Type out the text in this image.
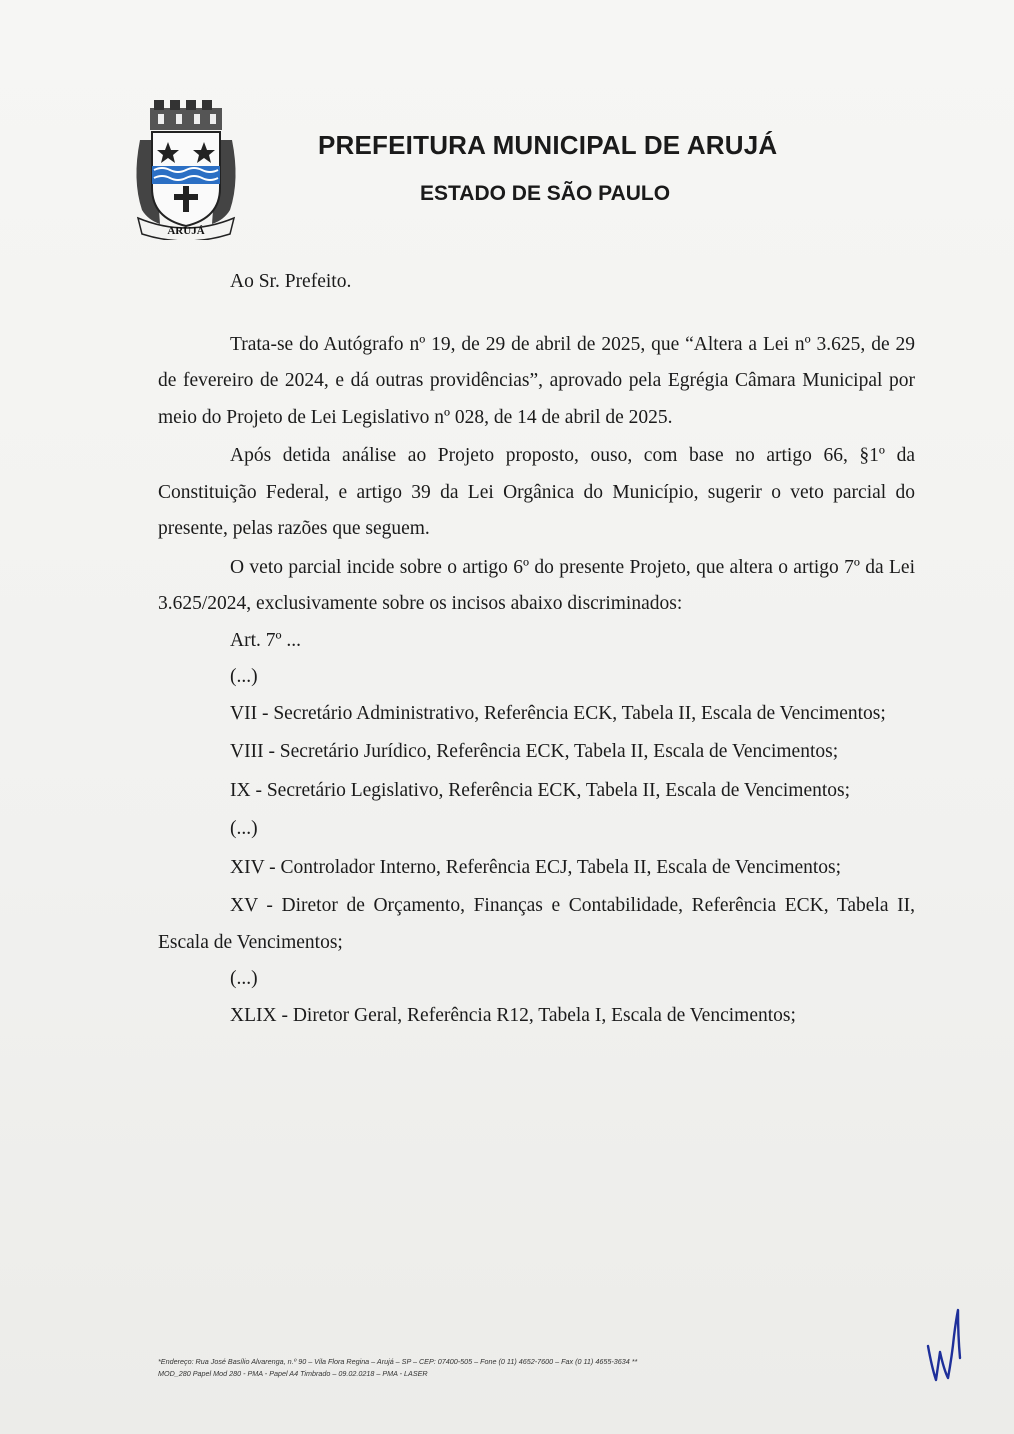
ARUJÁ
PREFEITURA MUNICIPAL DE ARUJÁ
ESTADO DE SÃO PAULO

Ao Sr. Prefeito.

Trata-se do Autógrafo nº 19, de 29 de abril de 2025, que “Altera a Lei nº 3.625, de 29 de fevereiro de 2024, e dá outras providências”, aprovado pela Egrégia Câmara Municipal por meio do Projeto de Lei Legislativo nº 028, de 14 de abril de 2025.

Após detida análise ao Projeto proposto, ouso, com base no artigo 66, §1º da Constituição Federal, e artigo 39 da Lei Orgânica do Município, sugerir o veto parcial do presente, pelas razões que seguem.

O veto parcial incide sobre o artigo 6º do presente Projeto, que altera o artigo 7º da Lei 3.625/2024, exclusivamente sobre os incisos abaixo discriminados:

Art. 7º ...

(...)

VII - Secretário Administrativo, Referência ECK, Tabela II, Escala de Vencimentos;

VIII - Secretário Jurídico, Referência ECK, Tabela II, Escala de Vencimentos;

IX - Secretário Legislativo, Referência ECK, Tabela II, Escala de Vencimentos;

(...)

XIV - Controlador Interno, Referência ECJ, Tabela II, Escala de Vencimentos;

XV - Diretor de Orçamento, Finanças e Contabilidade, Referência ECK, Tabela II, Escala de Vencimentos;

(...)

XLIX - Diretor Geral, Referência R12, Tabela I, Escala de Vencimentos;

*Endereço: Rua José Basílio Alvarenga, n.º 90 – Vila Flora Regina – Arujá – SP – CEP: 07400-505 – Fone (0 11) 4652-7600 – Fax (0 11) 4655-3634 **
MOD_280 Papel Mod 280 - PMA - Papel A4 Timbrado – 09.02.0218 – PMA - LASER
